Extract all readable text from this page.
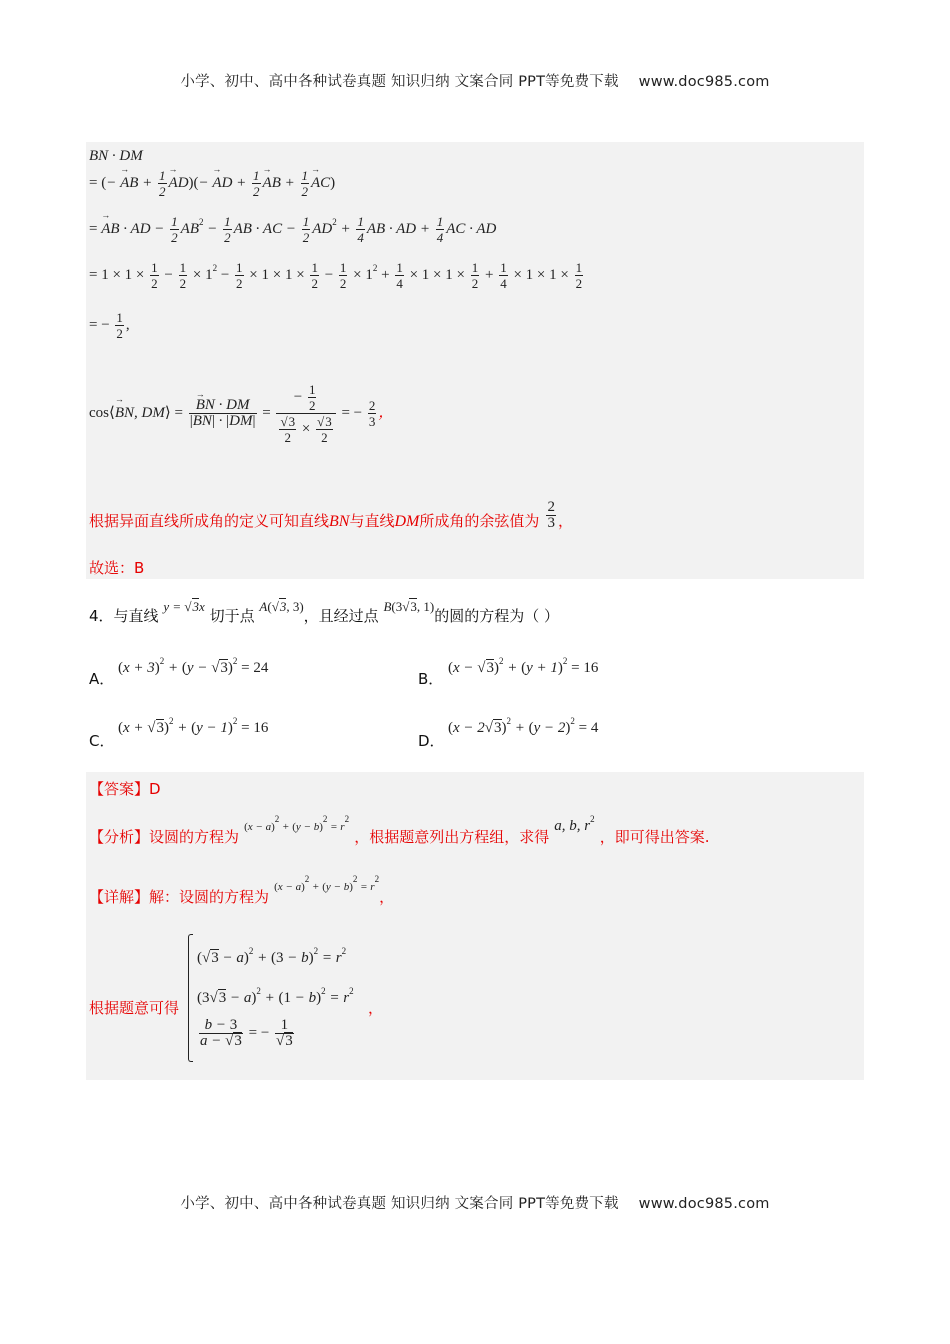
小学、初中、高中各种试卷真题 知识归纳 文案合同 PPT等免费下载 www.doc985.com
BN · DM
= (− → AB + $\frac{1}{2}$
→ AD)(− → AD + $\frac{1}{2}$
→ AB + $\frac{1}{2}$
→ AC)
= → AB · AD − $\frac{1}{2} AB^2 - \frac{1}{2}$ AB · AC − $\frac{1}{2} AD^2 + \frac{1}{4}$ AB · AD + $\frac{1}{4}$ AC · AD
= $1 \times 1 \times \frac{1}{2} - \frac{1}{2} \times 1^2 - \frac{1}{2} \times 1 \times 1 \times \frac{1}{2} - \frac{1}{2} \times 1^2 + \frac{1}{4} \times 1 \times 1 \times \frac{1}{2} + \frac{1}{4} \times 1 \times 1 \times \frac{1}{2}$
= − $\frac{1}{2}$ ,
cos⟨→ BN, DM⟩ =
→ $\frac{BN \cdot DM}{|BN| \cdot |DM|} = \frac{- \frac{1}{2}}{\frac{√3}{2} \times \frac{√3}{2}}$ = − $\frac{2}{3}$ ，
根据异面直线所成角的定义可知直线BN与直线DM所成角的余弦值为 $\frac{2}{3}$ ，
故选：B
4．与直线 y = √3x 切于点 A(√3, 3)，且经过点 B(3√3, 1)的圆的方程为（ ）
A．
$(x + 3)^2 + (y - √3)^2 = 24$
B．
$(x - √3)^2 + (y + 1)^2 = 16$
C．
$(x + √3)^2 + (y - 1)^2 = 16$
D．
$(x - 2√3)^2 + (y - 2)^2 = 4$
【答案】D
【分析】设圆的方程为 $^{(x - a)^2 + (y - b)^2 = r^2}$ ，根据题意列出方程组，求得 a, b, $r^2$ ，即可得出答案.
【详解】解：设圆的方程为 $^{(x - a)^2 + (y - b)^2 = r^2}$，
根据题意可得
$(√3 - a)^2 + (3 - b)^2 = r^2$
$(3√3 - a)^2 + (1 - b)^2 = r^2$
$\frac{b - 3}{a - √3}$ = − $\frac{1}{√3}$
，
小学、初中、高中各种试卷真题 知识归纳 文案合同 PPT等免费下载 www.doc985.com
